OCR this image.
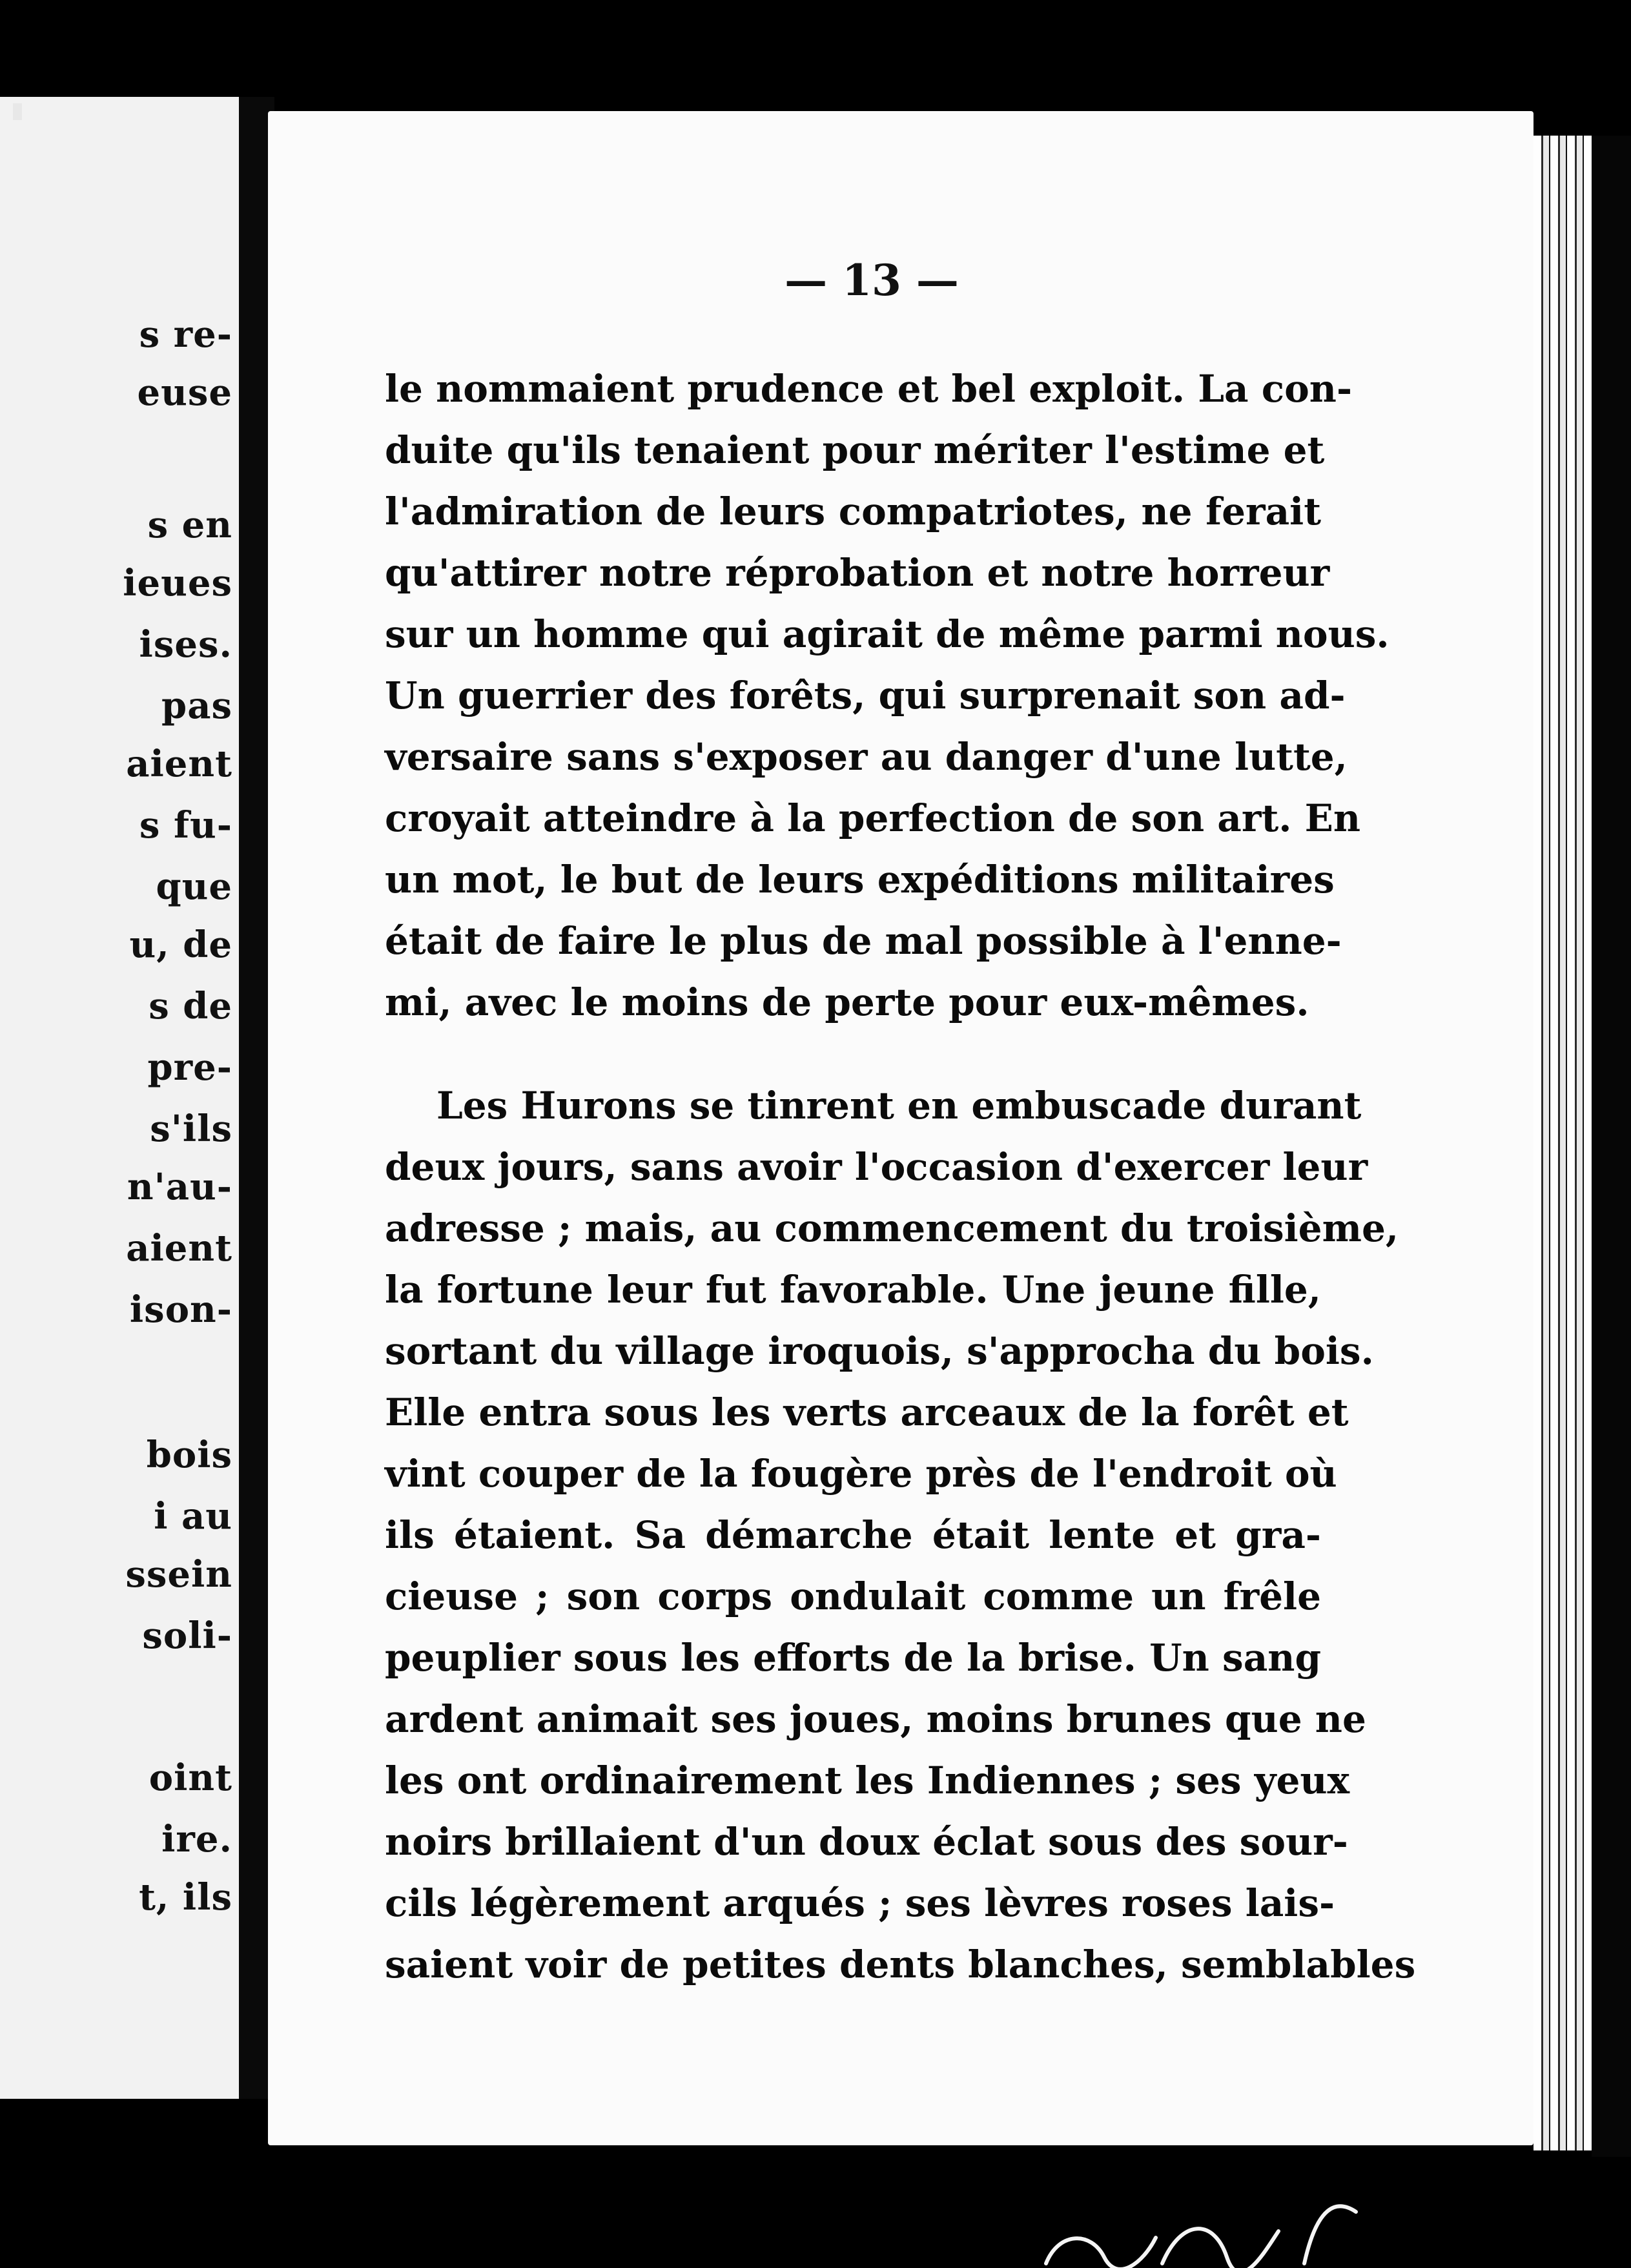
s re-
euse
s en
ieues
ises.
pas
aient
s fu-
que
u, de
s de
pre-
s'ils
n'au-
aient
ison-
bois
i au
ssein
soli-
oint
ire.
t, ils
— 13 —
le nommaient prudence et bel exploit. La con-
duite qu'ils tenaient pour mériter l'estime et
l'admiration de leurs compatriotes, ne ferait
qu'attirer notre réprobation et notre horreur
sur un homme qui agirait de même parmi nous.
Un guerrier des forêts, qui surprenait son ad-
versaire sans s'exposer au danger d'une lutte,
croyait atteindre à la perfection de son art. En
un mot, le but de leurs expéditions militaires
était de faire le plus de mal possible à l'enne-
mi, avec le moins de perte pour eux-mêmes.
Les Hurons se tinrent en embuscade durant
deux jours, sans avoir l'occasion d'exercer leur
adresse ; mais, au commencement du troisième,
la fortune leur fut favorable. Une jeune fille,
sortant du village iroquois, s'approcha du bois.
Elle entra sous les verts arceaux de la forêt et
vint couper de la fougère près de l'endroit où
ils étaient. Sa démarche était lente et gra-
cieuse ; son corps ondulait comme un frêle
peuplier sous les efforts de la brise. Un sang
ardent animait ses joues, moins brunes que ne
les ont ordinairement les Indiennes ; ses yeux
noirs brillaient d'un doux éclat sous des sour-
cils légèrement arqués ; ses lèvres roses lais-
saient voir de petites dents blanches, semblables
